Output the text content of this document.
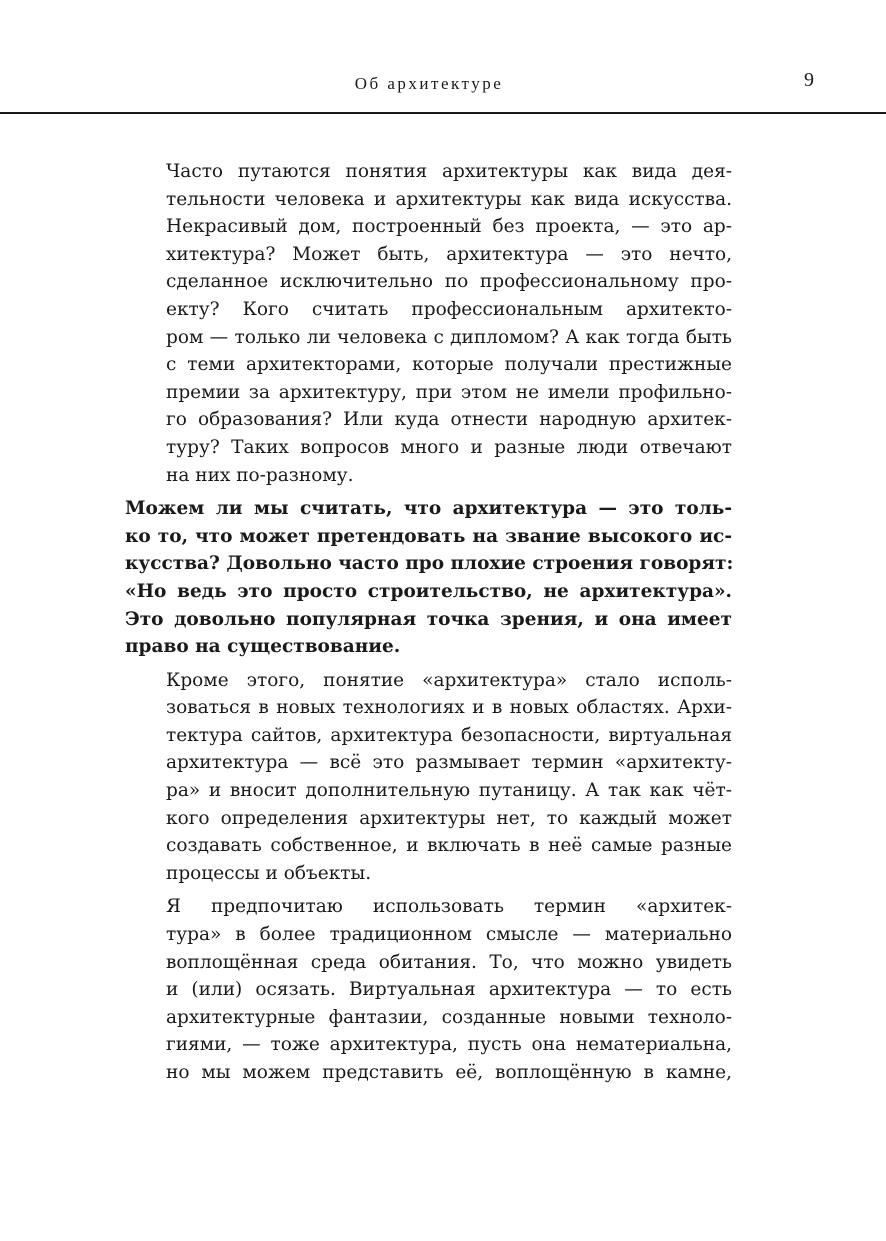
Об архитектуре	9

Часто путаются понятия архитектуры как вида дея-
тельности человека и архитектуры как вида искусства.
Некрасивый дом, построенный без проекта, — это ар-
хитектура? Может быть, архитектура — это нечто,
сделанное исключительно по профессиональному про-
екту? Кого считать профессиональным архитекто-
ром — только ли человека с дипломом? А как тогда быть
с теми архитекторами, которые получали престижные
премии за архитектуру, при этом не имели профильно-
го образования? Или куда отнести народную архитек-
туру? Таких вопросов много и разные люди отвечают
на них по-разному.

Можем ли мы считать, что архитектура — это толь-
ко то, что может претендовать на звание высокого ис-
кусства? Довольно часто про плохие строения говорят:
«Но ведь это просто строительство, не архитектура».
Это довольно популярная точка зрения, и она имеет
право на существование.

Кроме этого, понятие «архитектура» стало исполь-
зоваться в новых технологиях и в новых областях. Архи-
тектура сайтов, архитектура безопасности, виртуальная
архитектура — всё это размывает термин «архитекту-
ра» и вносит дополнительную путаницу. А так как чёт-
кого определения архитектуры нет, то каждый может
создавать собственное, и включать в неё самые разные
процессы и объекты.

Я предпочитаю использовать термин «архитек-
тура» в более традиционном смысле — материально
воплощённая среда обитания. То, что можно увидеть
и (или) осязать. Виртуальная архитектура — то есть
архитектурные фантазии, созданные новыми техноло-
гиями, — тоже архитектура, пусть она нематериальна,
но мы можем представить её, воплощённую в камне,
